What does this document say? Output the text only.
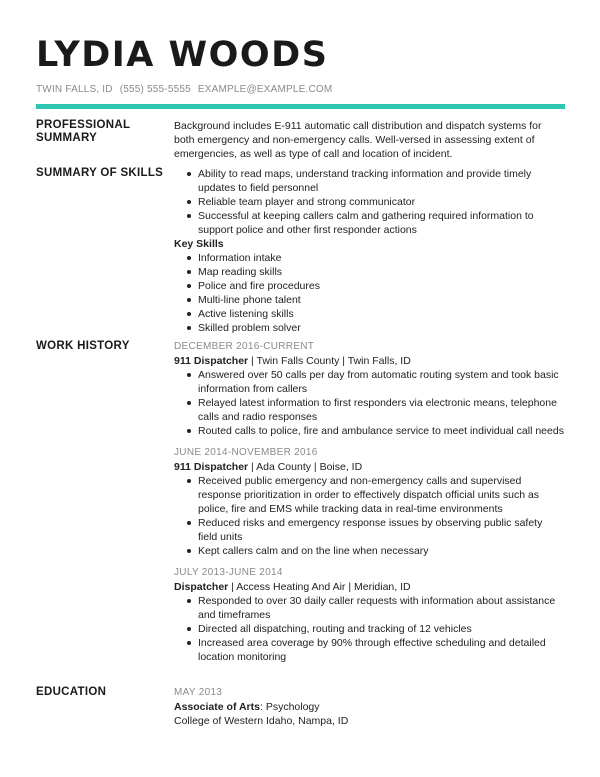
LYDIA WOODS
TWIN FALLS, ID (555) 555-5555 EXAMPLE@EXAMPLE.COM
PROFESSIONAL SUMMARY

Background includes E-911 automatic call distribution and dispatch systems for both emergency and non-emergency calls. Well-versed in assessing extent of emergencies, as well as type of call and location of incident.

SUMMARY OF SKILLS	Ability to read maps, understand tracking information and provide timely updates to field personnel
Reliable team player and strong communicator
Successful at keeping callers calm and gathering required information to support police and other first responder actions
Key Skills
Information intake
Map reading skills
Police and fire procedures
Multi-line phone talent
Active listening skills
Skilled problem solver
WORK HISTORY	DECEMBER 2016-CURRENT
911 Dispatcher | Twin Falls County | Twin Falls, ID
Answered over 50 calls per day from automatic routing system and took basic information from callers
Relayed latest information to first responders via electronic means, telephone calls and radio responses
Routed calls to police, fire and ambulance service to meet individual call needs
JUNE 2014-NOVEMBER 2016
911 Dispatcher | Ada County | Boise, ID
Received public emergency and non-emergency calls and supervised response prioritization in order to effectively dispatch official units such as police, fire and EMS while tracking data in real-time environments
Reduced risks and emergency response issues by observing public safety field units
Kept callers calm and on the line when necessary
JULY 2013-JUNE 2014
Dispatcher | Access Heating And Air | Meridian, ID
Responded to over 30 daily caller requests with information about assistance and timeframes
Directed all dispatching, routing and tracking of 12 vehicles
Increased area coverage by 90% through effective scheduling and detailed location monitoring
EDUCATION	MAY 2013
Associate of Arts: Psychology
College of Western Idaho, Nampa, ID
